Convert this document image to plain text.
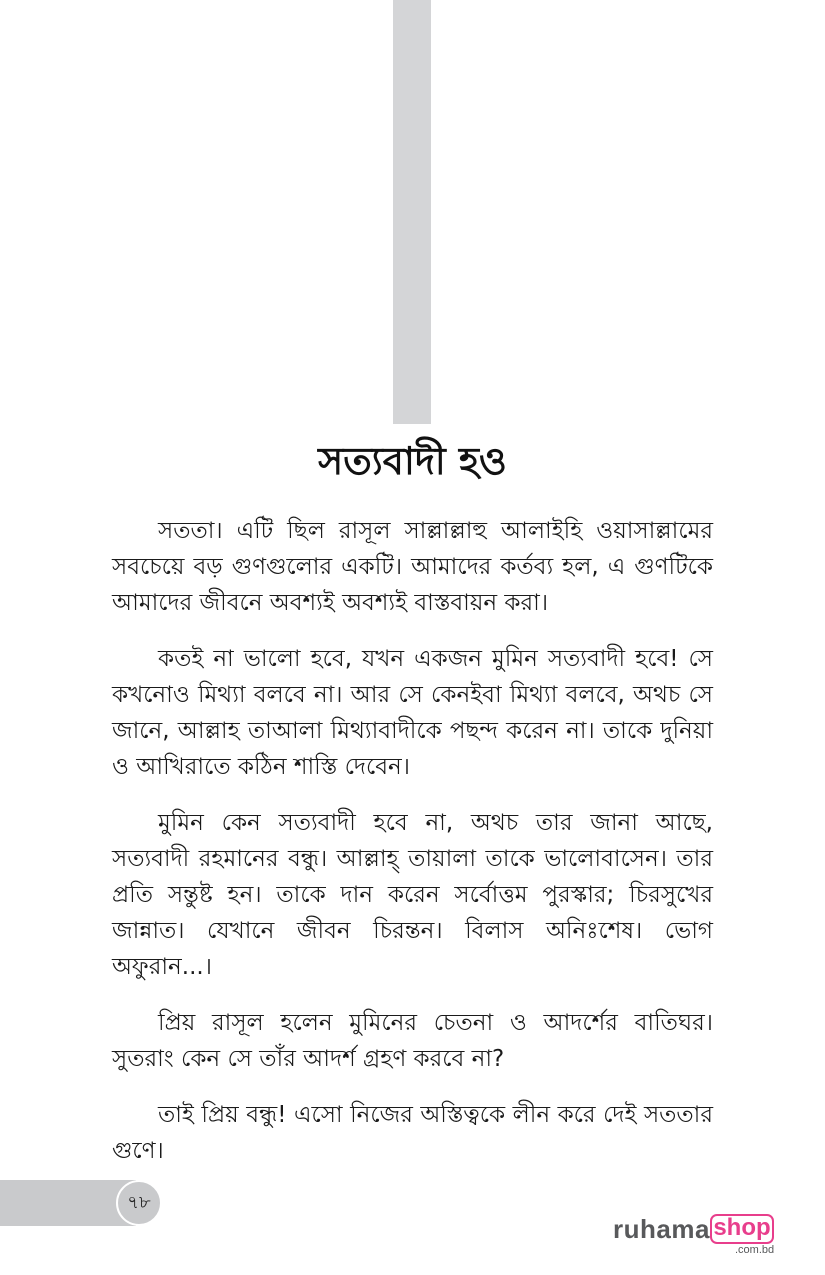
সত্যবাদী হও

সততা। এটি ছিল রাসূল সাল্লাল্লাহু আলাইহি ওয়াসাল্লামের সবচেয়ে বড় গুণগুলোর একটি। আমাদের কর্তব্য হল, এ গুণটিকে আমাদের জীবনে অবশ্যই অবশ্যই বাস্তবায়ন করা।

কতই না ভালো হবে, যখন একজন মুমিন সত্যবাদী হবে! সে কখনোও মিথ্যা বলবে না। আর সে কেনইবা মিথ্যা বলবে, অথচ সে জানে, আল্লাহ তাআলা মিথ্যাবাদীকে পছন্দ করেন না। তাকে দুনিয়া ও আখিরাতে কঠিন শাস্তি দেবেন।

মুমিন কেন সত্যবাদী হবে না, অথচ তার জানা আছে, সত্যবাদী রহমানের বন্ধু। আল্লাহ্ তায়ালা তাকে ভালোবাসেন। তার প্রতি সন্তুষ্ট হন। তাকে দান করেন সর্বোত্তম পুরস্কার; চিরসুখের জান্নাত। যেখানে জীবন চিরন্তন। বিলাস অনিঃশেষ। ভোগ অফুরান...।

প্রিয় রাসূল হলেন মুমিনের চেতনা ও আদর্শের বাতিঘর। সুতরাং কেন সে তাঁর আদর্শ গ্রহণ করবে না?

তাই প্রিয় বন্ধু! এসো নিজের অস্তিত্বকে লীন করে দেই সততার গুণে।

৭৮
ruhama shop
.com.bd
